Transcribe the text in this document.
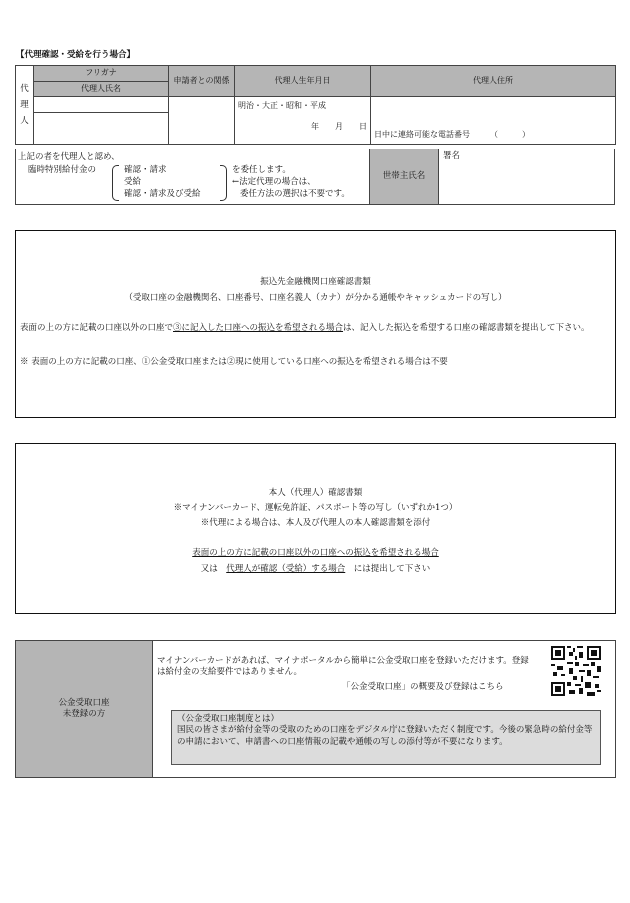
【代理確認・受給を行う場合】
代
理
人	フリガナ	申請者との関係	代理人生年月日	代理人住所
	代理人氏名			

			明治・大正・昭和・平成
年　　月　　日	日中に連絡可能な電話番号　　　（　　　）

上記の者を代理人と認め、
臨時特別給付金の	確認・請求
受給
確認・請求及び受給
を委任します。
←法定代理の場合は、
委任方法の選択は不要です。
世帯主氏名
署名

振込先金融機関口座確認書類

（受取口座の金融機関名、口座番号、口座名義人（カナ）が分かる通帳やキャッシュカードの写し）

表面の上の方に記載の口座以外の口座で③に記入した口座への振込を希望される場合は、記入した振込を希望する口座の確認書類を提出して下さい。

※ 表面の上の方に記載の口座、①公金受取口座または②現に使用している口座への振込を希望される場合は不要

本人（代理人）確認書類

※マイナンバーカード、運転免許証、パスポート等の写し（いずれか1つ）

※代理による場合は、本人及び代理人の本人確認書類を添付

表面の上の方に記載の口座以外の口座への振込を希望される場合

又は　 代理人が確認（受給）する場合　 には提出して下さい

公金受取口座
未登録の方
マイナンバーカードがあれば、マイナポータルから簡単に公金受取口座を登録いただけます。登録は給付金の支給要件ではありません。
「公金受取口座」の概要及び登録はこちら
（公金受取口座制度とは）
国民の皆さまが給付金等の受取のための口座をデジタル庁に登録いただく制度です。今後の緊急時の給付金等の申請において、申請書への口座情報の記載や通帳の写しの添付等が不要になります。
